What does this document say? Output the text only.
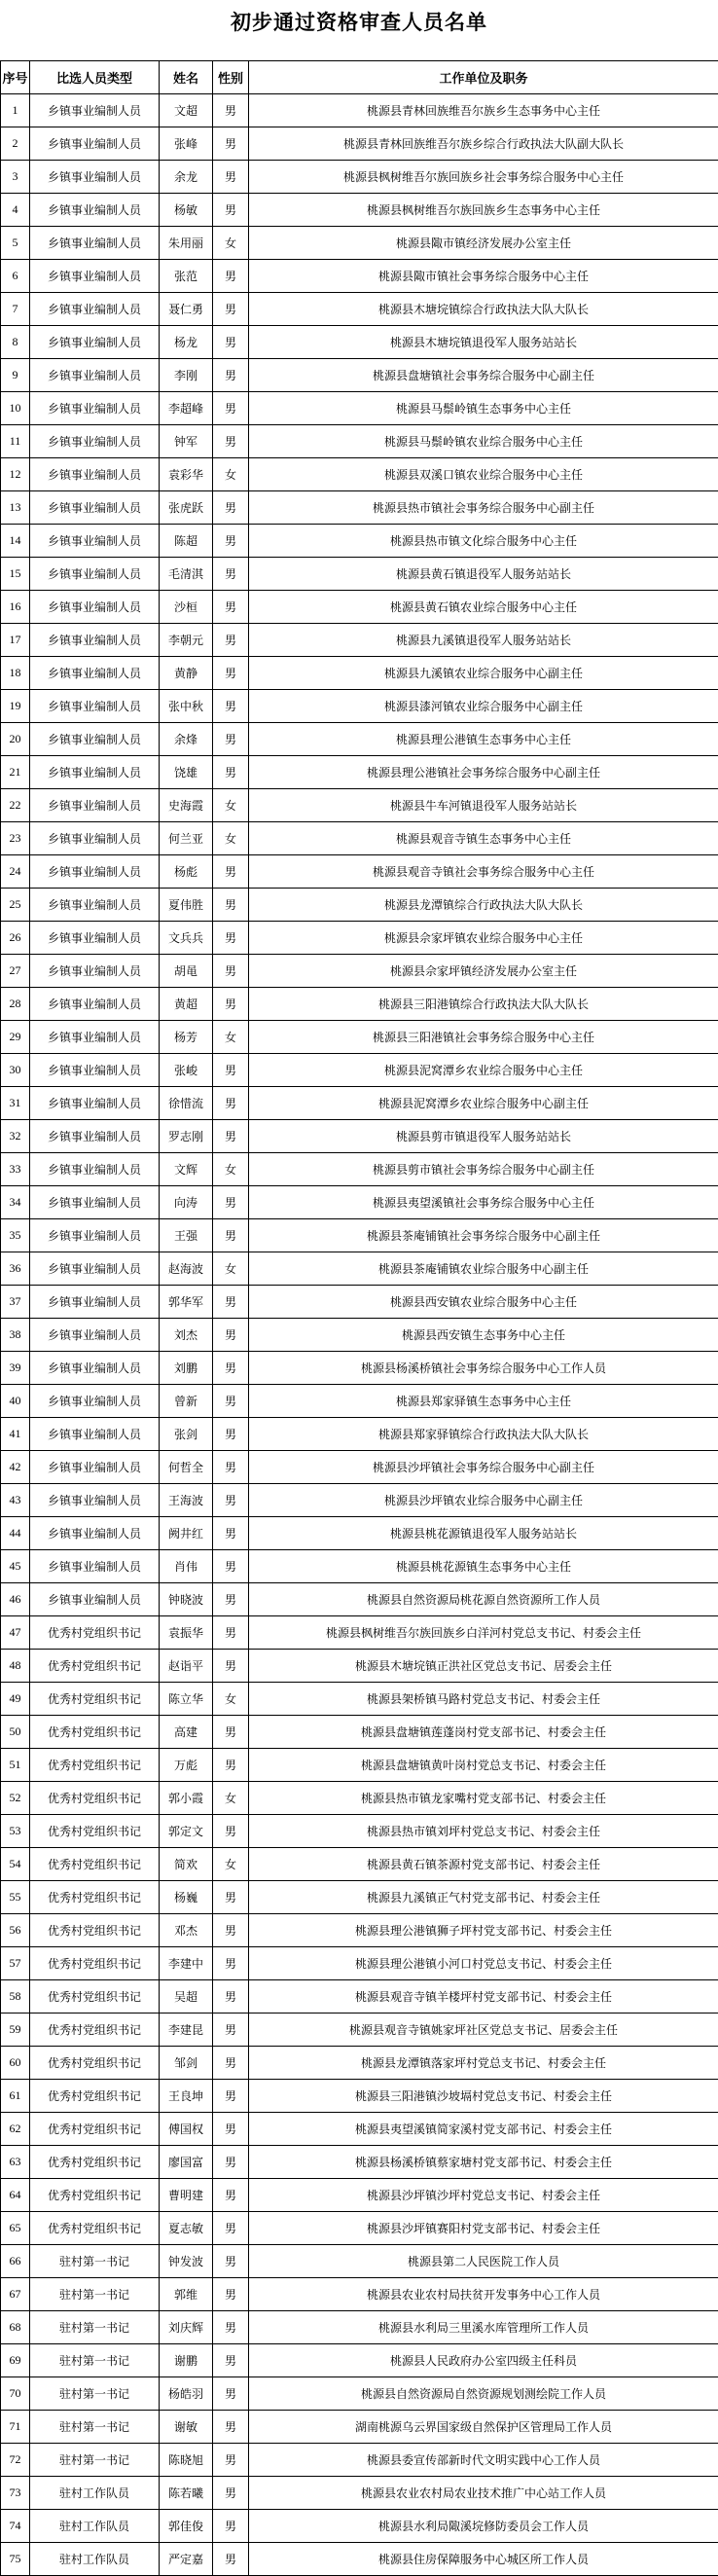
初步通过资格审查人员名单
序号	比选人员类型	姓名	性别	工作单位及职务
1	乡镇事业编制人员	文超	男	桃源县青林回族维吾尔族乡生态事务中心主任
2	乡镇事业编制人员	张峰	男	桃源县青林回族维吾尔族乡综合行政执法大队副大队长
3	乡镇事业编制人员	余龙	男	桃源县枫树维吾尔族回族乡社会事务综合服务中心主任
4	乡镇事业编制人员	杨敏	男	桃源县枫树维吾尔族回族乡生态事务中心主任
5	乡镇事业编制人员	朱用丽	女	桃源县陬市镇经济发展办公室主任
6	乡镇事业编制人员	张范	男	桃源县陬市镇社会事务综合服务中心主任
7	乡镇事业编制人员	聂仁勇	男	桃源县木塘垸镇综合行政执法大队大队长
8	乡镇事业编制人员	杨龙	男	桃源县木塘垸镇退役军人服务站站长
9	乡镇事业编制人员	李刚	男	桃源县盘塘镇社会事务综合服务中心副主任
10	乡镇事业编制人员	李超峰	男	桃源县马鬃岭镇生态事务中心主任
11	乡镇事业编制人员	钟军	男	桃源县马鬃岭镇农业综合服务中心主任
12	乡镇事业编制人员	袁彩华	女	桃源县双溪口镇农业综合服务中心主任
13	乡镇事业编制人员	张虎跃	男	桃源县热市镇社会事务综合服务中心副主任
14	乡镇事业编制人员	陈超	男	桃源县热市镇文化综合服务中心主任
15	乡镇事业编制人员	毛清淇	男	桃源县黄石镇退役军人服务站站长
16	乡镇事业编制人员	沙桓	男	桃源县黄石镇农业综合服务中心主任
17	乡镇事业编制人员	李朝元	男	桃源县九溪镇退役军人服务站站长
18	乡镇事业编制人员	黄静	男	桃源县九溪镇农业综合服务中心副主任
19	乡镇事业编制人员	张中秋	男	桃源县漆河镇农业综合服务中心副主任
20	乡镇事业编制人员	余烽	男	桃源县理公港镇生态事务中心主任
21	乡镇事业编制人员	饶雄	男	桃源县理公港镇社会事务综合服务中心副主任
22	乡镇事业编制人员	史海霞	女	桃源县牛车河镇退役军人服务站站长
23	乡镇事业编制人员	何兰亚	女	桃源县观音寺镇生态事务中心主任
24	乡镇事业编制人员	杨彪	男	桃源县观音寺镇社会事务综合服务中心主任
25	乡镇事业编制人员	夏伟胜	男	桃源县龙潭镇综合行政执法大队大队长
26	乡镇事业编制人员	文兵兵	男	桃源县佘家坪镇农业综合服务中心主任
27	乡镇事业编制人员	胡黾	男	桃源县佘家坪镇经济发展办公室主任
28	乡镇事业编制人员	黄超	男	桃源县三阳港镇综合行政执法大队大队长
29	乡镇事业编制人员	杨芳	女	桃源县三阳港镇社会事务综合服务中心主任
30	乡镇事业编制人员	张峻	男	桃源县泥窝潭乡农业综合服务中心主任
31	乡镇事业编制人员	徐惜流	男	桃源县泥窝潭乡农业综合服务中心副主任
32	乡镇事业编制人员	罗志刚	男	桃源县剪市镇退役军人服务站站长
33	乡镇事业编制人员	文辉	女	桃源县剪市镇社会事务综合服务中心副主任
34	乡镇事业编制人员	向涛	男	桃源县夷望溪镇社会事务综合服务中心主任
35	乡镇事业编制人员	王强	男	桃源县茶庵铺镇社会事务综合服务中心副主任
36	乡镇事业编制人员	赵海波	女	桃源县茶庵铺镇农业综合服务中心副主任
37	乡镇事业编制人员	郭华军	男	桃源县西安镇农业综合服务中心主任
38	乡镇事业编制人员	刘杰	男	桃源县西安镇生态事务中心主任
39	乡镇事业编制人员	刘鹏	男	桃源县杨溪桥镇社会事务综合服务中心工作人员
40	乡镇事业编制人员	曾新	男	桃源县郑家驿镇生态事务中心主任
41	乡镇事业编制人员	张剑	男	桃源县郑家驿镇综合行政执法大队大队长
42	乡镇事业编制人员	何哲全	男	桃源县沙坪镇社会事务综合服务中心副主任
43	乡镇事业编制人员	王海波	男	桃源县沙坪镇农业综合服务中心副主任
44	乡镇事业编制人员	阙井红	男	桃源县桃花源镇退役军人服务站站长
45	乡镇事业编制人员	肖伟	男	桃源县桃花源镇生态事务中心主任
46	乡镇事业编制人员	钟晓波	男	桃源县自然资源局桃花源自然资源所工作人员
47	优秀村党组织书记	袁振华	男	桃源县枫树维吾尔族回族乡白洋河村党总支书记、村委会主任
48	优秀村党组织书记	赵诣平	男	桃源县木塘垸镇正洪社区党总支书记、居委会主任
49	优秀村党组织书记	陈立华	女	桃源县架桥镇马路村党总支书记、村委会主任
50	优秀村党组织书记	高建	男	桃源县盘塘镇莲蓬岗村党支部书记、村委会主任
51	优秀村党组织书记	万彪	男	桃源县盘塘镇黄叶岗村党总支书记、村委会主任
52	优秀村党组织书记	郭小霞	女	桃源县热市镇龙家嘴村党支部书记、村委会主任
53	优秀村党组织书记	郭定文	男	桃源县热市镇刘坪村党总支书记、村委会主任
54	优秀村党组织书记	简欢	女	桃源县黄石镇茶源村党支部书记、村委会主任
55	优秀村党组织书记	杨巍	男	桃源县九溪镇正气村党支部书记、村委会主任
56	优秀村党组织书记	邓杰	男	桃源县理公港镇狮子坪村党支部书记、村委会主任
57	优秀村党组织书记	李建中	男	桃源县理公港镇小河口村党总支书记、村委会主任
58	优秀村党组织书记	吴超	男	桃源县观音寺镇羊楼坪村党支部书记、村委会主任
59	优秀村党组织书记	李建昆	男	桃源县观音寺镇姚家坪社区党总支书记、居委会主任
60	优秀村党组织书记	邹剑	男	桃源县龙潭镇落家坪村党总支书记、村委会主任
61	优秀村党组织书记	王良坤	男	桃源县三阳港镇沙坡塥村党总支书记、村委会主任
62	优秀村党组织书记	傅国权	男	桃源县夷望溪镇简家溪村党支部书记、村委会主任
63	优秀村党组织书记	廖国富	男	桃源县杨溪桥镇蔡家塘村党支部书记、村委会主任
64	优秀村党组织书记	曹明建	男	桃源县沙坪镇沙坪村党总支书记、村委会主任
65	优秀村党组织书记	夏志敏	男	桃源县沙坪镇赛阳村党支部书记、村委会主任
66	驻村第一书记	钟发波	男	桃源县第二人民医院工作人员
67	驻村第一书记	郭维	男	桃源县农业农村局扶贫开发事务中心工作人员
68	驻村第一书记	刘庆辉	男	桃源县水利局三里溪水库管理所工作人员
69	驻村第一书记	谢鹏	男	桃源县人民政府办公室四级主任科员
70	驻村第一书记	杨皓羽	男	桃源县自然资源局自然资源规划测绘院工作人员
71	驻村第一书记	谢敏	男	湖南桃源乌云界国家级自然保护区管理局工作人员
72	驻村第一书记	陈晓旭	男	桃源县委宣传部新时代文明实践中心工作人员
73	驻村工作队员	陈若曦	男	桃源县农业农村局农业技术推广中心站工作人员
74	驻村工作队员	郭佳俊	男	桃源县水利局陬溪垸修防委员会工作人员
75	驻村工作队员	严定嘉	男	桃源县住房保障服务中心城区所工作人员
